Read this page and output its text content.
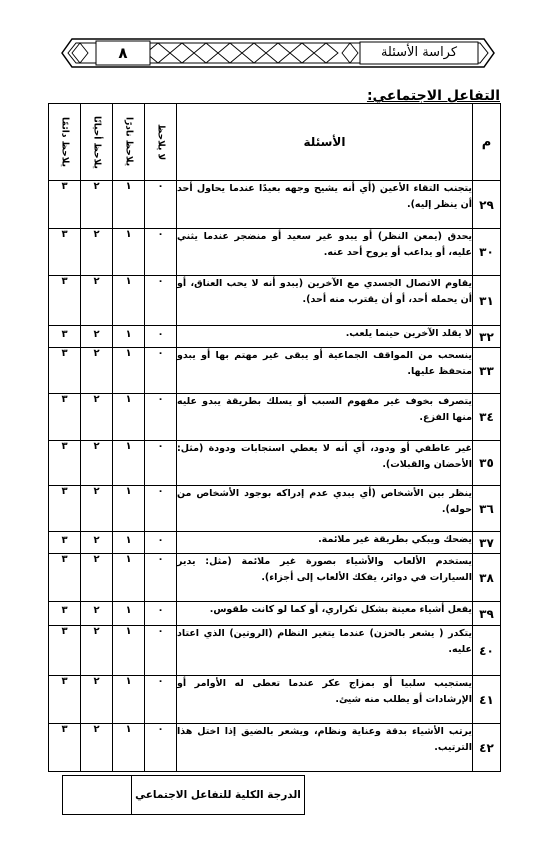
كراسة الأسئلة
٨
التفاعل الاجتماعي:
م	الأسئلة	لا يلاحظ	يلاحظ نادرًا	يلاحظ أحيانًا	يلاحظ دائمًا

٢٩	يتجنب التقاء الأعين (أي أنه يشيح وجهه بعيدًا عندما يحاول أحد أن ينظر إليه).	٠	١	٢	٣
٣٠	يحدق (يمعن النظر) أو يبدو غير سعيد أو منضجر عندما يثني عليه، أو يداعب أو يروح أحد عنه.	٠	١	٢	٣
٣١	يقاوم الاتصال الجسدي مع الآخرين (يبدو أنه لا يحب العناق، أو أن يحمله أحد، أو أن يقترب منه أحد).	٠	١	٢	٣
٣٢	لا يقلد الآخرين حينما يلعب.	٠	١	٢	٣
٣٣	ينسحب من المواقف الجماعية أو يبقى غير مهتم بها أو يبدو متحفظ عليها.	٠	١	٢	٣
٣٤	يتصرف بخوف غير مفهوم السبب أو يسلك بطريقة يبدو عليه منها الفزع.	٠	١	٢	٣
٣٥	غير عاطفي أو ودود، أي أنه لا يعطي استجابات ودودة (مثل: الأحضان والقبلات).	٠	١	٢	٣
٣٦	ينظر بين الأشخاص (أي يبدي عدم إدراكه بوجود الأشخاص من حوله).	٠	١	٢	٣
٣٧	يضحك ويبكي بطريقة غير ملائمة.	٠	١	٢	٣
٣٨	يستخدم الألعاب والأشياء بصورة غير ملائمة (مثل: يدير السيارات في دوائر، يفكك الألعاب إلى أجزاء).	٠	١	٢	٣
٣٩	يفعل أشياء معينة بشكل تكراري، أو كما لو كانت طقوس.	٠	١	٢	٣
٤٠	يتكدر ( يشعر بالحزن) عندما يتغير النظام (الروتين) الذي اعتاد عليه.	٠	١	٢	٣
٤١	يستجيب سلبيا أو بمزاج عكر عندما تعطى له الأوامر أو الإرشادات أو يطلب منه شيئ.	٠	١	٢	٣
٤٢	يرتب الأشياء بدقة وعناية ونظام، ويشعر بالضيق إذا اختل هذا الترتيب.	٠	١	٢	٣
الدرجة الكلية للتفاعل الاجتماعي	
